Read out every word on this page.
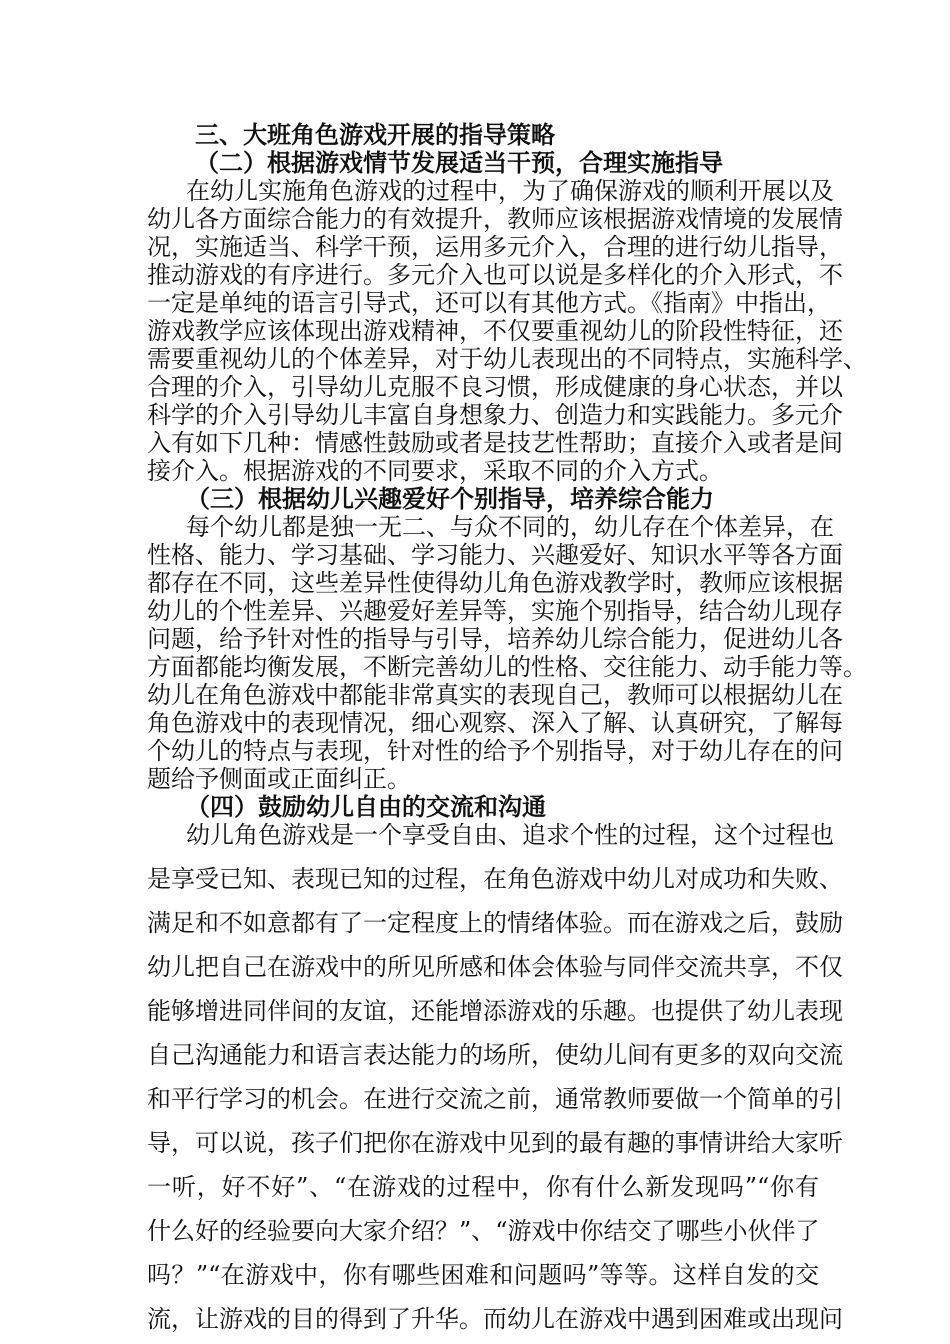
三、大班角色游戏开展的指导策略
（二）根据游戏情节发展适当干预，合理实施指导
在幼儿实施角色游戏的过程中，为了确保游戏的顺利开展以及
幼儿各方面综合能力的有效提升，教师应该根据游戏情境的发展情
况，实施适当、科学干预，运用多元介入，合理的进行幼儿指导，
推动游戏的有序进行。多元介入也可以说是多样化的介入形式，不
一定是单纯的语言引导式，还可以有其他方式。《指南》中指出，
游戏教学应该体现出游戏精神，不仅要重视幼儿的阶段性特征，还
需要重视幼儿的个体差异，对于幼儿表现出的不同特点，实施科学、
合理的介入，引导幼儿克服不良习惯，形成健康的身心状态，并以
科学的介入引导幼儿丰富自身想象力、创造力和实践能力。多元介
入有如下几种：情感性鼓励或者是技艺性帮助；直接介入或者是间
接介入。根据游戏的不同要求，采取不同的介入方式。
（三）根据幼儿兴趣爱好个别指导，培养综合能力
每个幼儿都是独一无二、与众不同的，幼儿存在个体差异，在
性格、能力、学习基础、学习能力、兴趣爱好、知识水平等各方面
都存在不同，这些差异性使得幼儿角色游戏教学时，教师应该根据
幼儿的个性差异、兴趣爱好差异等，实施个别指导，结合幼儿现存
问题，给予针对性的指导与引导，培养幼儿综合能力，促进幼儿各
方面都能均衡发展，不断完善幼儿的性格、交往能力、动手能力等。
幼儿在角色游戏中都能非常真实的表现自己，教师可以根据幼儿在
角色游戏中的表现情况，细心观察、深入了解、认真研究，了解每
个幼儿的特点与表现，针对性的给予个别指导，对于幼儿存在的问
题给予侧面或正面纠正。
（四）鼓励幼儿自由的交流和沟通
幼儿角色游戏是一个享受自由、追求个性的过程，这个过程也
是享受已知、表现已知的过程，在角色游戏中幼儿对成功和失败、
满足和不如意都有了一定程度上的情绪体验。而在游戏之后，鼓励
幼儿把自己在游戏中的所见所感和体会体验与同伴交流共享，不仅
能够增进同伴间的友谊，还能增添游戏的乐趣。也提供了幼儿表现
自己沟通能力和语言表达能力的场所，使幼儿间有更多的双向交流
和平行学习的机会。在进行交流之前，通常教师要做一个简单的引
导，可以说，孩子们把你在游戏中见到的最有趣的事情讲给大家听
一听，好不好”、“在游戏的过程中，你有什么新发现吗”“你有
什么好的经验要向大家介绍？”、“游戏中你结交了哪些小伙伴了
吗？”“在游戏中，你有哪些困难和问题吗”等等。这样自发的交
流，让游戏的目的得到了升华。而幼儿在游戏中遇到困难或出现问
